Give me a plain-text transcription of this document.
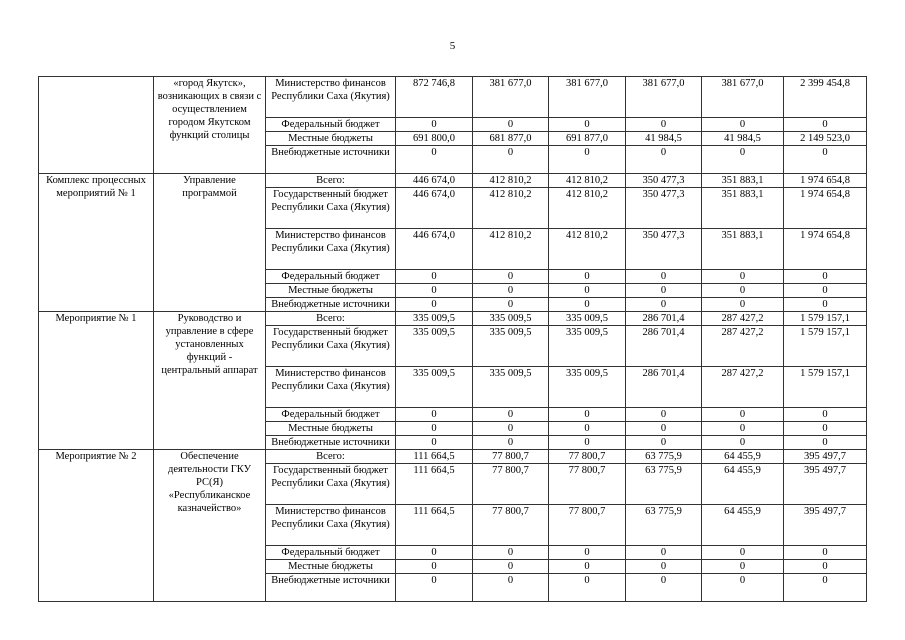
5
	«город Якутск», возникающих в связи с осуществлением городом Якутском функций столицы	Министерство финансов Республики Саха (Якутия)	872 746,8	381 677,0	381 677,0	381 677,0	381 677,0	2 399 454,8
		Федеральный бюджет	0	0	0	0	0	0
		Местные бюджеты	691 800,0	681 877,0	691 877,0	41 984,5	41 984,5	2 149 523,0
		Внебюджетные источники	0	0	0	0	0	0
Комплекс процессных мероприятий № 1	Управление программой	Всего:	446 674,0	412 810,2	412 810,2	350 477,3	351 883,1	1 974 654,8
		Государственный бюджет Республики Саха (Якутия)	446 674,0	412 810,2	412 810,2	350 477,3	351 883,1	1 974 654,8
		Министерство финансов Республики Саха (Якутия)	446 674,0	412 810,2	412 810,2	350 477,3	351 883,1	1 974 654,8
		Федеральный бюджет	0	0	0	0	0	0
		Местные бюджеты	0	0	0	0	0	0
		Внебюджетные источники	0	0	0	0	0	0
Мероприятие № 1	Руководство и управление в сфере установленных функций - центральный аппарат	Всего:	335 009,5	335 009,5	335 009,5	286 701,4	287 427,2	1 579 157,1
		Государственный бюджет Республики Саха (Якутия)	335 009,5	335 009,5	335 009,5	286 701,4	287 427,2	1 579 157,1
		Министерство финансов Республики Саха (Якутия)	335 009,5	335 009,5	335 009,5	286 701,4	287 427,2	1 579 157,1
		Федеральный бюджет	0	0	0	0	0	0
		Местные бюджеты	0	0	0	0	0	0
		Внебюджетные источники	0	0	0	0	0	0
Мероприятие № 2	Обеспечение деятельности ГКУ РС(Я) «Республиканское казначейство»	Всего:	111 664,5	77 800,7	77 800,7	63 775,9	64 455,9	395 497,7
		Государственный бюджет Республики Саха (Якутия)	111 664,5	77 800,7	77 800,7	63 775,9	64 455,9	395 497,7
		Министерство финансов Республики Саха (Якутия)	111 664,5	77 800,7	77 800,7	63 775,9	64 455,9	395 497,7
		Федеральный бюджет	0	0	0	0	0	0
		Местные бюджеты	0	0	0	0	0	0
		Внебюджетные источники	0	0	0	0	0	0
